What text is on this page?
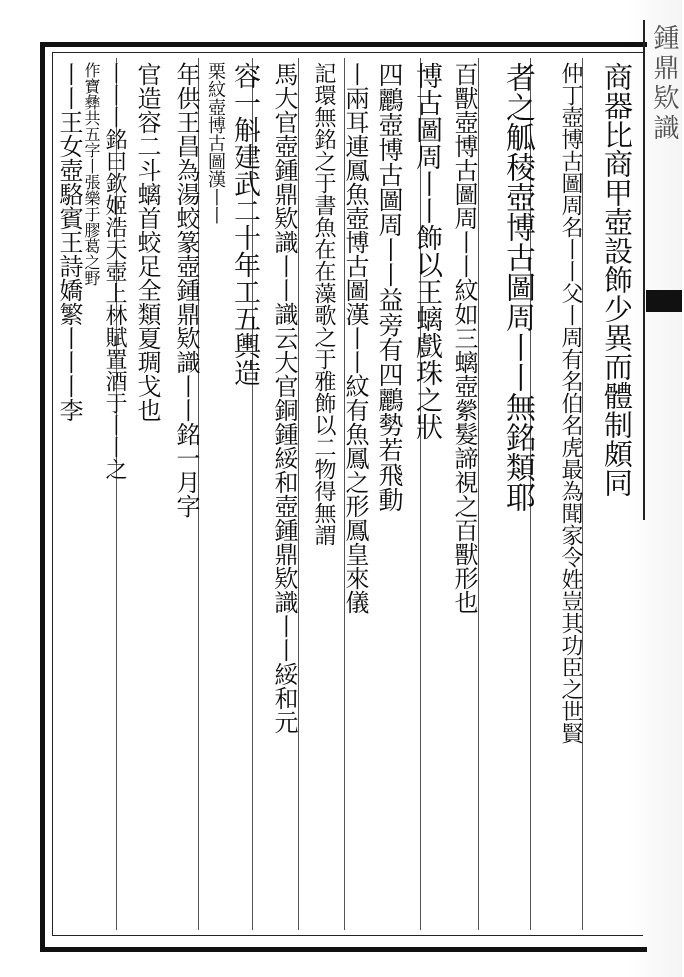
鍾鼎欵識
商器比商甲壺設飾少異而體制頗同
仲丁壺博古圖周名丨丨父丨周有名伯名虎最為聞家令姓豈其功臣之世賢
者之觚稜壺博古圖周丨丨無銘類耶
百獸壺博古圖周丨丨紋如三螭壺縈髮諦視之百獸形也
博古圖周丨丨飾以王螭戲珠之狀
四鸝壺博古圖周丨丨益旁有四鸝勢若飛動
丨兩耳連鳳魚壺博古圖漢丨丨紋有魚鳳之形鳳皇來儀
記環無銘之于書魚在在藻歌之于雅飾以二物得無謂
馬大官壺鍾鼎欵識丨丨識云大官銅鍾綏和壺鍾鼎欵識丨丨綏和元
容一斛建武二十年工五輿造
栗紋壺博古圖漢丨丨
年供王昌為湯蛟篆壺鍾鼎欵識丨丨銘一月字
官造容二斗螭首蛟足全類夏琱戈也
丨丨丨銘曰欽姬浩天壺上林賦置酒于丨丨之
作寶彝共五字丨張樂于膠葛之野
丨丨王女壺駱賓王詩嬌繁丨丨丨李
